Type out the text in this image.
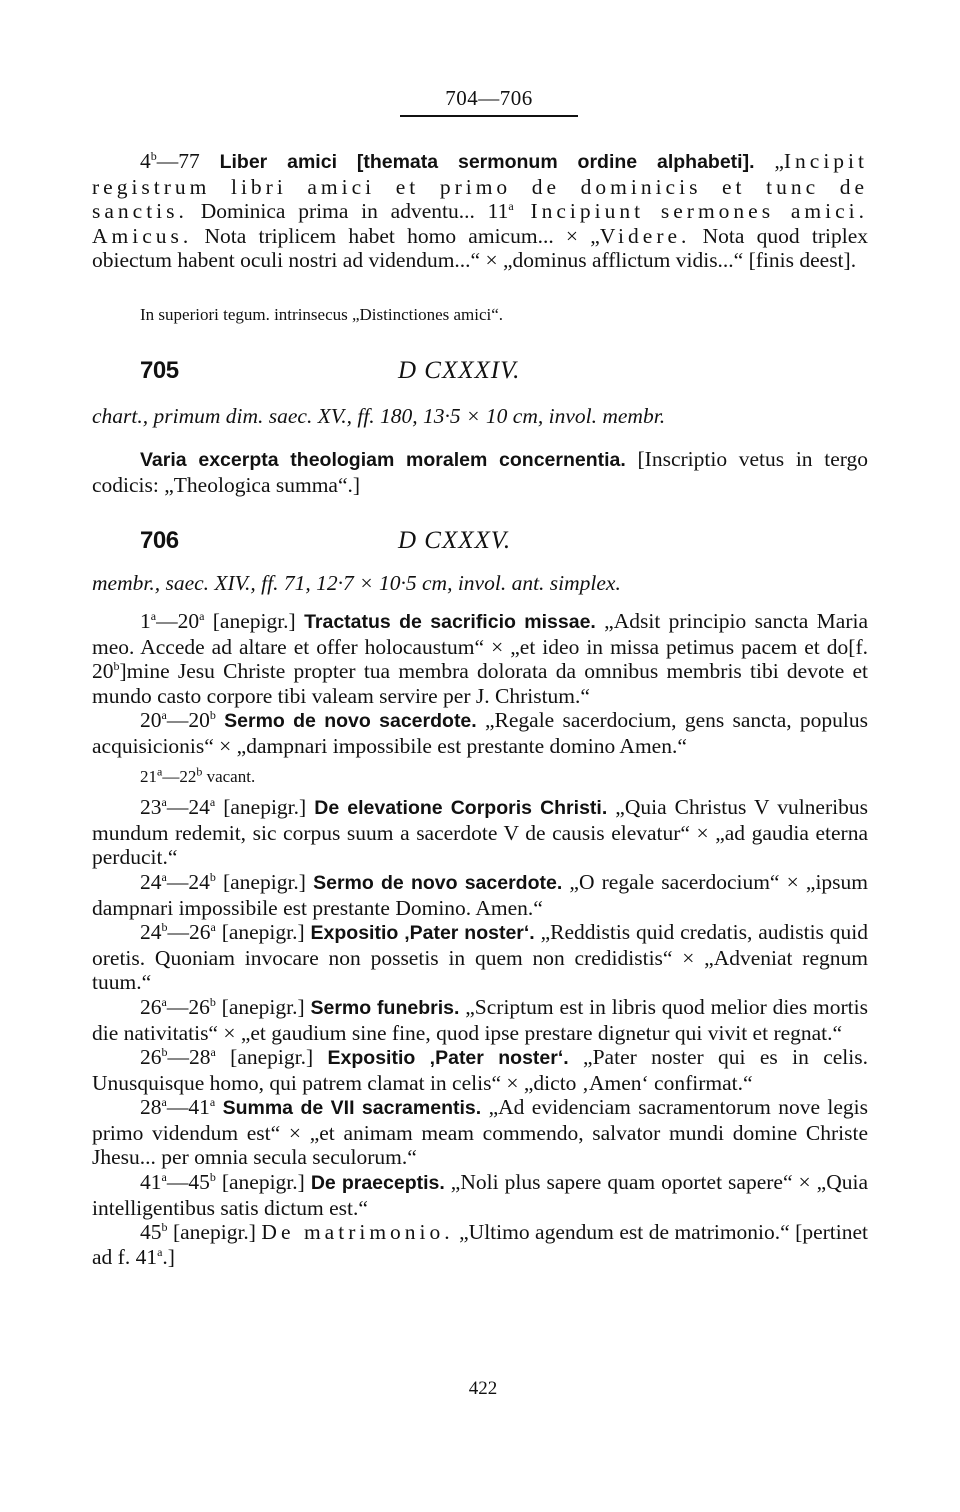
704—706
4$^b$—77 Liber amici [themata sermonum ordine alphabeti]. „Incipit registrum libri amici et primo de dominicis et tunc de sanctis. Dominica prima in adventu... 11$^a$ Incipiunt sermones amici. Amicus. Nota triplicem habet homo amicum... × „Videre. Nota quod triplex obiectum habent oculi nostri ad videndum...“ × „dominus afflictum vidis...“ [finis deest].
In superiori tegum. intrinsecus „Distinctiones amici“.
705	D CXXXIV.
chart., primum dim. saec. XV., ff. 180, 13·5 × 10 cm, invol. membr.
Varia excerpta theologiam moralem concernentia. [Inscriptio vetus in tergo codicis: „Theologica summa“.]
706	D CXXXV.
membr., saec. XIV., ff. 71, 12·7 × 10·5 cm, invol. ant. simplex.
1$^a$—20$^a$ [anepigr.] Tractatus de sacrificio missae. „Adsit principio sancta Maria meo. Accede ad altare et offer holocaustum“ × „et ideo in missa petimus pacem et do[f. 20$^b$]mine Jesu Christe propter tua membra dolorata da omnibus membris tibi devote et mundo casto corpore tibi valeam servire per J. Christum.“
20$^a$—20$^b$ Sermo de novo sacerdote. „Regale sacerdocium, gens sancta, populus acquisicionis“ × „dampnari impossibile est prestante domino Amen.“
21$^a$—22$^b$ vacant.
23$^a$—24$^a$ [anepigr.] De elevatione Corporis Christi. „Quia Christus V vulneribus mundum redemit, sic corpus suum a sacerdote V de causis elevatur“ × „ad gaudia eterna perducit.“
24$^a$—24$^b$ [anepigr.] Sermo de novo sacerdote. „O regale sacerdocium“ × „ipsum dampnari impossibile est prestante Domino. Amen.“
24$^b$—26$^a$ [anepigr.] Expositio ‚Pater noster‘. „Reddistis quid credatis, audistis quid oretis. Quoniam invocare non possetis in quem non credidistis“ × „Adveniat regnum tuum.“
26$^a$—26$^b$ [anepigr.] Sermo funebris. „Scriptum est in libris quod melior dies mortis die nativitatis“ × „et gaudium sine fine, quod ipse prestare dignetur qui vivit et regnat.“
26$^b$—28$^a$ [anepigr.] Expositio ‚Pater noster‘. „Pater noster qui es in celis. Unusquisque homo, qui patrem clamat in celis“ × „dicto ‚Amen‘ confirmat.“
28$^a$—41$^a$ Summa de VII sacramentis. „Ad evidenciam sacramentorum nove legis primo videndum est“ × „et animam meam commendo, salvator mundi domine Christe Jhesu... per omnia secula seculorum.“
41$^a$—45$^b$ [anepigr.] De praeceptis. „Noli plus sapere quam oportet sapere“ × „Quia intelligentibus satis dictum est.“
45$^b$ [anepigr.] De matrimonio. „Ultimo agendum est de matrimonio.“ [pertinet ad f. 41$^a$.]
422
